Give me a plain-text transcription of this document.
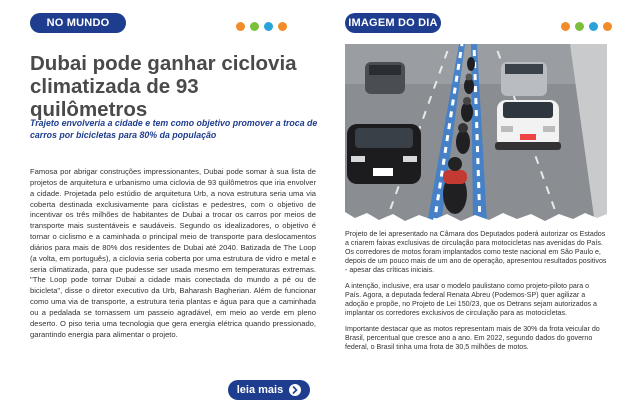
NO MUNDO
Dubai pode ganhar ciclovia climatizada de 93 quilômetros

Trajeto envolveria a cidade e tem como objetivo promover a troca de carros por bicicletas para 80% da população

Famosa por abrigar construções impressionantes, Dubai pode somar à sua lista de projetos de arquitetura e urbanismo uma ciclovia de 93 quilômetros que iria envolver a cidade. Projetada pelo estúdio de arquitetura Urb, a nova estrutura seria uma via coberta destinada exclusivamente para ciclistas e pedestres, com o objetivo de incentivar os três milhões de habitantes de Dubai a trocar os carros por meios de transporte mais sustentáveis e saudáveis. Segundo os idealizadores, o objetivo é tornar o ciclismo e a caminhada o principal meio de transporte para deslocamentos diários para mais de 80% dos residentes de Dubai até 2040. Batizada de The Loop (a volta, em português), a ciclovia seria coberta por uma estrutura de vidro e metal e seria climatizada, para que pudesse ser usada mesmo em temperaturas extremas. "The Loop pode tornar Dubai a cidade mais conectada do mundo a pé ou de bicicleta", disse o diretor executivo da Urb, Baharash Bagherian. Além de funcionar como uma via de transporte, a estrutura teria plantas e água para que a caminhada ou a pedalada se tornassem um passeio agradável, em meio ao verde em pleno deserto. O piso teria uma tecnologia que gera energia elétrica quando pressionado, garantindo energia para alimentar o projeto.

leia mais
IMAGEM DO DIA

Projeto de lei apresentado na Câmara dos Deputados poderá autorizar os Estados a criarem faixas exclusivas de circulação para motocicletas nas avenidas do País. Os corredores de motos foram implantados como teste nacional em São Paulo e, depois de um pouco mais de um ano de operação, apresentou resultados positivos - apesar das críticas iniciais.

A intenção, inclusive, era usar o modelo paulistano como projeto-piloto para o País. Agora, a deputada federal Renata Abreu (Podemos-SP) quer agilizar a adoção e propõe, no Projeto de Lei 150/23, que os Detrans sejam autorizados a implantar os corredores exclusivos de circulação para as motocicletas.

Importante destacar que as motos representam mais de 30% da frota veicular do Brasil, percentual que cresce ano a ano. Em 2022, segundo dados do governo federal, o Brasil tinha uma frota de 30,5 milhões de motos.
